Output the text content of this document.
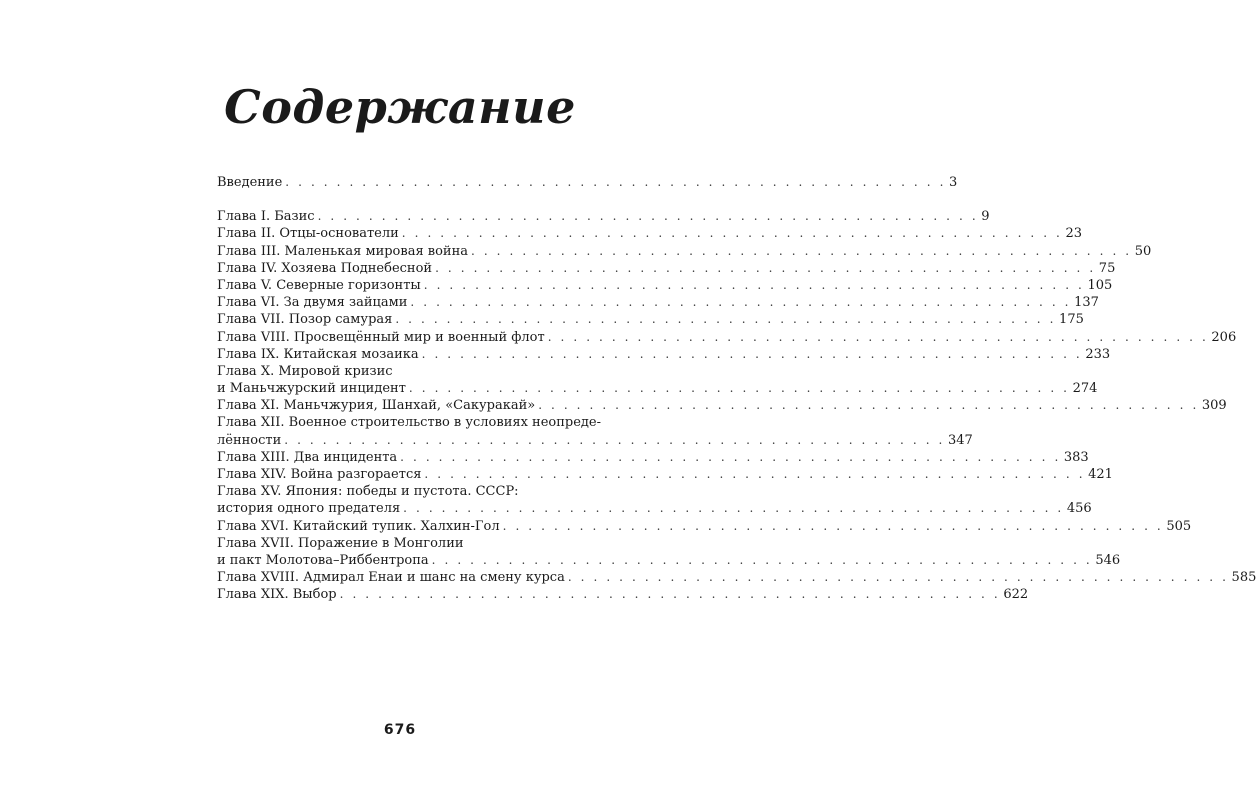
Содержание
Введение . . . . . . . . . . . . . . . . . . . . . . . . . . . . . . . . . . . . . . . . . . . . . . . . . . . . 3
Глава I. Базис . . . . . . . . . . . . . . . . . . . . . . . . . . . . . . . . . . . . . . . . . . . . . . . . . . . . 9
Глава II. Отцы-основатели . . . . . . . . . . . . . . . . . . . . . . . . . . . . . . . . . . . . . . . . . . . . . . . . . . . . 23
Глава III. Маленькая мировая война . . . . . . . . . . . . . . . . . . . . . . . . . . . . . . . . . . . . . . . . . . . . . . . . . . . . 50
Глава IV. Хозяева Поднебесной . . . . . . . . . . . . . . . . . . . . . . . . . . . . . . . . . . . . . . . . . . . . . . . . . . . . 75
Глава V. Северные горизонты . . . . . . . . . . . . . . . . . . . . . . . . . . . . . . . . . . . . . . . . . . . . . . . . . . . . 105
Глава VI. За двумя зайцами . . . . . . . . . . . . . . . . . . . . . . . . . . . . . . . . . . . . . . . . . . . . . . . . . . . . 137
Глава VII. Позор самурая . . . . . . . . . . . . . . . . . . . . . . . . . . . . . . . . . . . . . . . . . . . . . . . . . . . . 175
Глава VIII. Просвещённый мир и военный флот . . . . . . . . . . . . . . . . . . . . . . . . . . . . . . . . . . . . . . . . . . . . . . . . . . . . 206
Глава IX. Китайская мозаика . . . . . . . . . . . . . . . . . . . . . . . . . . . . . . . . . . . . . . . . . . . . . . . . . . . . 233
Глава X. Мировой кризис
и Маньчжурский инцидент . . . . . . . . . . . . . . . . . . . . . . . . . . . . . . . . . . . . . . . . . . . . . . . . . . . . 274
Глава XI. Маньчжурия, Шанхай, «Сакуракай» . . . . . . . . . . . . . . . . . . . . . . . . . . . . . . . . . . . . . . . . . . . . . . . . . . . . 309
Глава XII. Военное строительство в условиях неопреде-
лённости . . . . . . . . . . . . . . . . . . . . . . . . . . . . . . . . . . . . . . . . . . . . . . . . . . . . 347
Глава XIII. Два инцидента . . . . . . . . . . . . . . . . . . . . . . . . . . . . . . . . . . . . . . . . . . . . . . . . . . . . 383
Глава XIV. Война разгорается . . . . . . . . . . . . . . . . . . . . . . . . . . . . . . . . . . . . . . . . . . . . . . . . . . . . 421
Глава XV. Япония: победы и пустота. СССР:
история одного предателя . . . . . . . . . . . . . . . . . . . . . . . . . . . . . . . . . . . . . . . . . . . . . . . . . . . . 456
Глава XVI. Китайский тупик. Халхин-Гол . . . . . . . . . . . . . . . . . . . . . . . . . . . . . . . . . . . . . . . . . . . . . . . . . . . . 505
Глава XVII. Поражение в Монголии
и пакт Молотова–Риббентропа . . . . . . . . . . . . . . . . . . . . . . . . . . . . . . . . . . . . . . . . . . . . . . . . . . . . 546
Глава XVIII. Адмирал Енаи и шанс на смену курса . . . . . . . . . . . . . . . . . . . . . . . . . . . . . . . . . . . . . . . . . . . . . . . . . . . . 585
Глава XIX. Выбор . . . . . . . . . . . . . . . . . . . . . . . . . . . . . . . . . . . . . . . . . . . . . . . . . . . . 622
676
